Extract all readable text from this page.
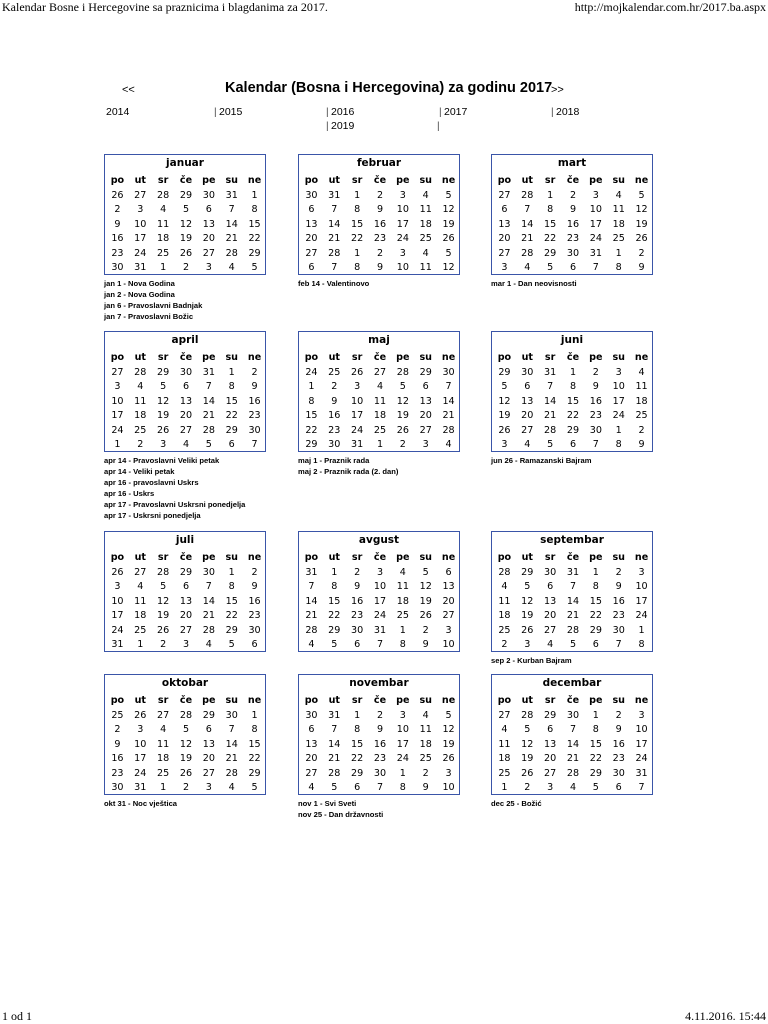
Kalendar Bosne i Hercegovine sa praznicima i blagdanima za 2017.	http://mojkalendar.com.hr/2017.ba.aspx
<<	Kalendar (Bosna i Hercegovina) za godinu 2017
>>
2014	| 2015	| 2016	| 2017	| 2018
| 2019	|
januar
po	ut	sr	če	pe	su	ne
26	27	28	29	30	31	1
2	3	4	5	6	7	8
9	10	11	12	13	14	15
16	17	18	19	20	21	22
23	24	25	26	27	28	29
30	31	1	2	3	4	5
jan 1 - Nova Godina
jan 2 - Nova Godina
jan 6 - Pravoslavni Badnjak
jan 7 - Pravoslavni Božic
februar
po	ut	sr	če	pe	su	ne
30	31	1	2	3	4	5
6	7	8	9	10	11	12
13	14	15	16	17	18	19
20	21	22	23	24	25	26
27	28	1	2	3	4	5
6	7	8	9	10	11	12
feb 14 - Valentinovo
mart
po	ut	sr	če	pe	su	ne
27	28	1	2	3	4	5
6	7	8	9	10	11	12
13	14	15	16	17	18	19
20	21	22	23	24	25	26
27	28	29	30	31	1	2
3	4	5	6	7	8	9
mar 1 - Dan neovisnosti
april
po	ut	sr	če	pe	su	ne
27	28	29	30	31	1	2
3	4	5	6	7	8	9
10	11	12	13	14	15	16
17	18	19	20	21	22	23
24	25	26	27	28	29	30
1	2	3	4	5	6	7
apr 14 - Pravoslavni Veliki petak
apr 14 - Veliki petak
apr 16 - pravoslavni Uskrs
apr 16 - Uskrs
apr 17 - Pravoslavni Uskrsni ponedjelja
apr 17 - Uskrsni ponedjelja
maj
po	ut	sr	če	pe	su	ne
24	25	26	27	28	29	30
1	2	3	4	5	6	7
8	9	10	11	12	13	14
15	16	17	18	19	20	21
22	23	24	25	26	27	28
29	30	31	1	2	3	4
maj 1 - Praznik rada
maj 2 - Praznik rada (2. dan)
juni
po	ut	sr	če	pe	su	ne
29	30	31	1	2	3	4
5	6	7	8	9	10	11
12	13	14	15	16	17	18
19	20	21	22	23	24	25
26	27	28	29	30	1	2
3	4	5	6	7	8	9
jun 26 - Ramazanski Bajram
juli
po	ut	sr	če	pe	su	ne
26	27	28	29	30	1	2
3	4	5	6	7	8	9
10	11	12	13	14	15	16
17	18	19	20	21	22	23
24	25	26	27	28	29	30
31	1	2	3	4	5	6
avgust
po	ut	sr	če	pe	su	ne
31	1	2	3	4	5	6
7	8	9	10	11	12	13
14	15	16	17	18	19	20
21	22	23	24	25	26	27
28	29	30	31	1	2	3
4	5	6	7	8	9	10
septembar
po	ut	sr	če	pe	su	ne
28	29	30	31	1	2	3
4	5	6	7	8	9	10
11	12	13	14	15	16	17
18	19	20	21	22	23	24
25	26	27	28	29	30	1
2	3	4	5	6	7	8
sep 2 - Kurban Bajram
oktobar
po	ut	sr	če	pe	su	ne
25	26	27	28	29	30	1
2	3	4	5	6	7	8
9	10	11	12	13	14	15
16	17	18	19	20	21	22
23	24	25	26	27	28	29
30	31	1	2	3	4	5
okt 31 - Noc vještica
novembar
po	ut	sr	če	pe	su	ne
30	31	1	2	3	4	5
6	7	8	9	10	11	12
13	14	15	16	17	18	19
20	21	22	23	24	25	26
27	28	29	30	1	2	3
4	5	6	7	8	9	10
nov 1 - Svi Sveti
nov 25 - Dan državnosti
decembar
po	ut	sr	če	pe	su	ne
27	28	29	30	1	2	3
4	5	6	7	8	9	10
11	12	13	14	15	16	17
18	19	20	21	22	23	24
25	26	27	28	29	30	31
1	2	3	4	5	6	7
dec 25 - Božić
1 od 1	4.11.2016. 15:44
